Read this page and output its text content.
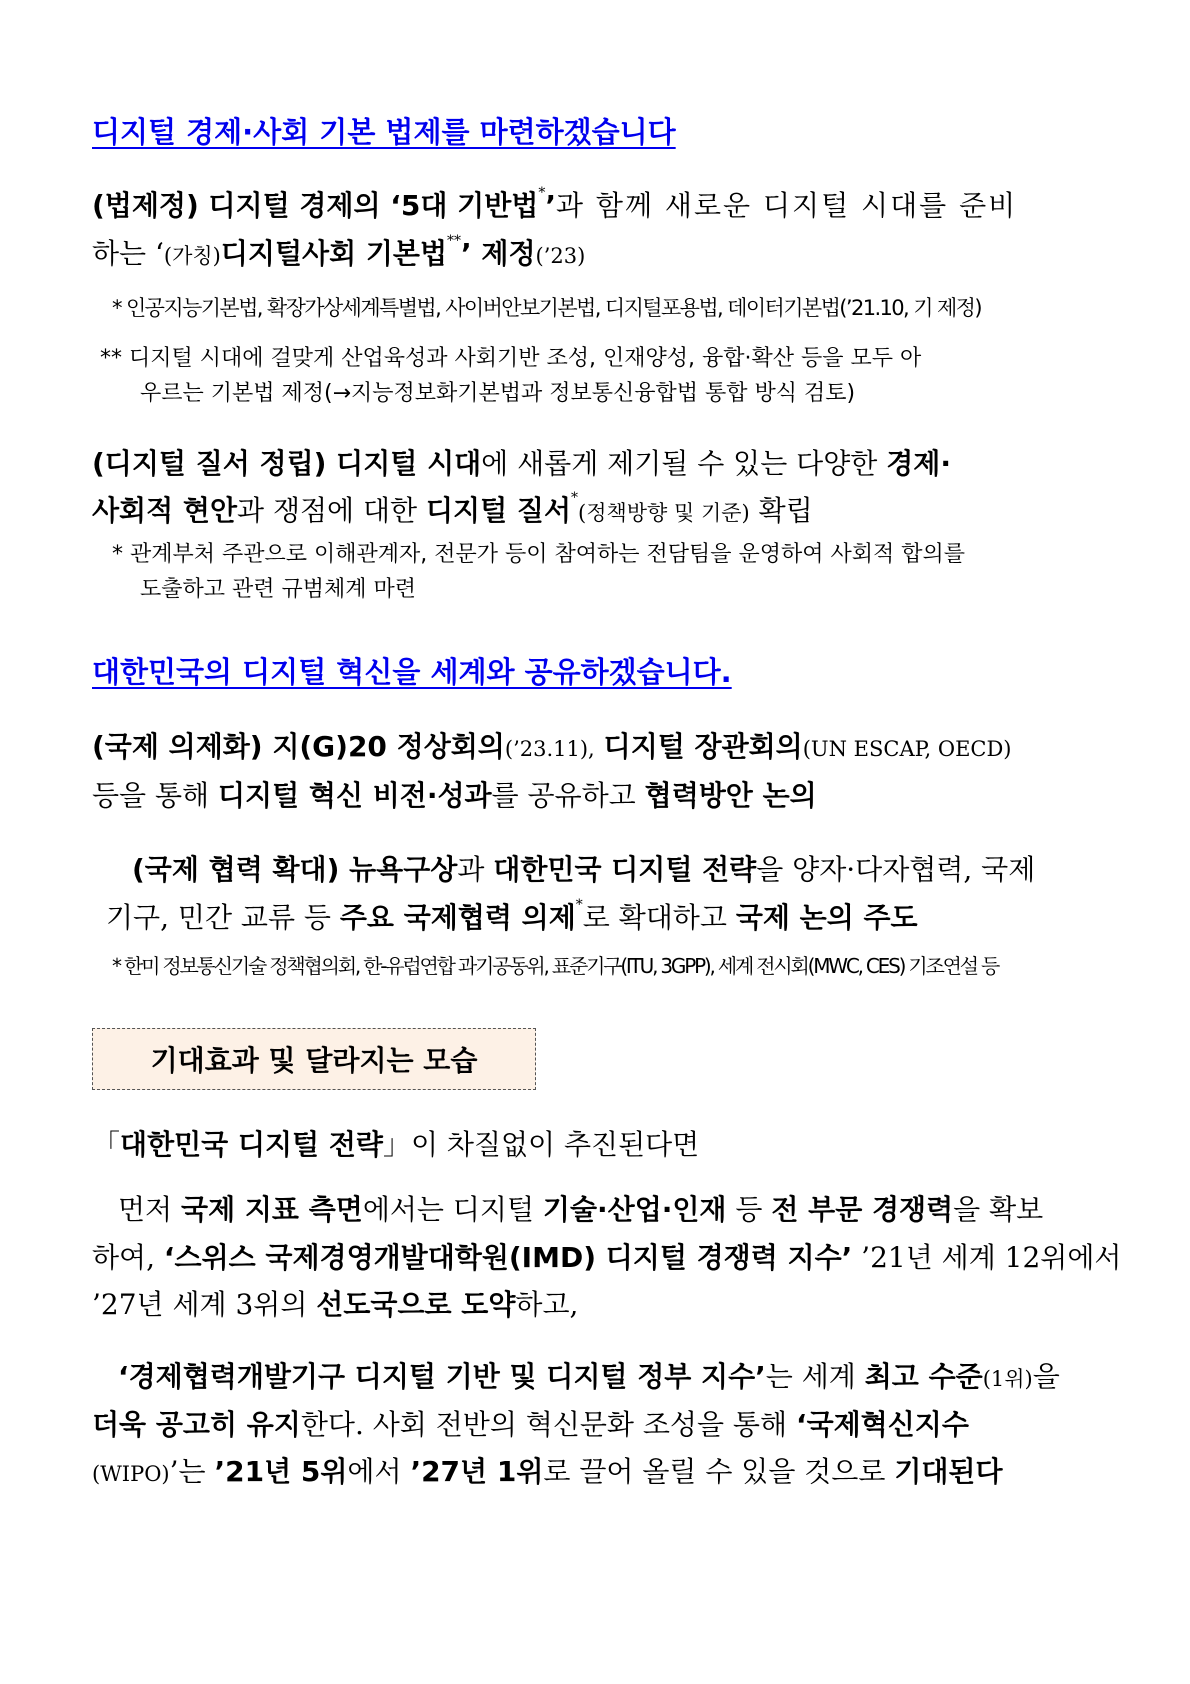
디지털 경제·사회 기본 법제를 마련하겠습니다
(법제정) 디지털 경제의 ‘5대 기반법*’과 함께 새로운 디지털 시대를 준비
하는 ‘(가칭)디지털사회 기본법**’ 제정(’23)
* 인공지능기본법, 확장가상세계특별법, 사이버안보기본법, 디지털포용법, 데이터기본법(’21.10, 기 제정)
** 디지털 시대에 걸맞게 산업육성과 사회기반 조성, 인재양성, 융합·확산 등을 모두 아
우르는 기본법 제정(→지능정보화기본법과 정보통신융합법 통합 방식 검토)
(디지털 질서 정립) 디지털 시대에 새롭게 제기될 수 있는 다양한 경제·
사회적 현안과 쟁점에 대한 디지털 질서*(정책방향 및 기준) 확립
* 관계부처 주관으로 이해관계자, 전문가 등이 참여하는 전담팀을 운영하여 사회적 합의를
도출하고 관련 규범체계 마련
대한민국의 디지털 혁신을 세계와 공유하겠습니다.
(국제 의제화) 지(G)20 정상회의(’23.11), 디지털 장관회의(UN ESCAP, OECD)
등을 통해 디지털 혁신 비전·성과를 공유하고 협력방안 논의
(국제 협력 확대) 뉴욕구상과 대한민국 디지털 전략을 양자·다자협력, 국제
기구, 민간 교류 등 주요 국제협력 의제*로 확대하고 국제 논의 주도
* 한미 정보통신기술 정책협의회, 한-유럽연합 과기공동위, 표준기구(ITU, 3GPP), 세계 전시회(MWC, CES) 기조연설 등
기대효과 및 달라지는 모습
「대한민국 디지털 전략」이 차질없이 추진된다면
먼저 국제 지표 측면에서는 디지털 기술·산업·인재 등 전 부문 경쟁력을 확보
하여, ‘스위스 국제경영개발대학원(IMD) 디지털 경쟁력 지수’ ’21년 세계 12위에서
’27년 세계 3위의 선도국으로 도약하고,
‘경제협력개발기구 디지털 기반 및 디지털 정부 지수’는 세계 최고 수준(1위)을
더욱 공고히 유지한다. 사회 전반의 혁신문화 조성을 통해 ‘국제혁신지수
(WIPO)’는 ’21년 5위에서 ’27년 1위로 끌어 올릴 수 있을 것으로 기대된다
